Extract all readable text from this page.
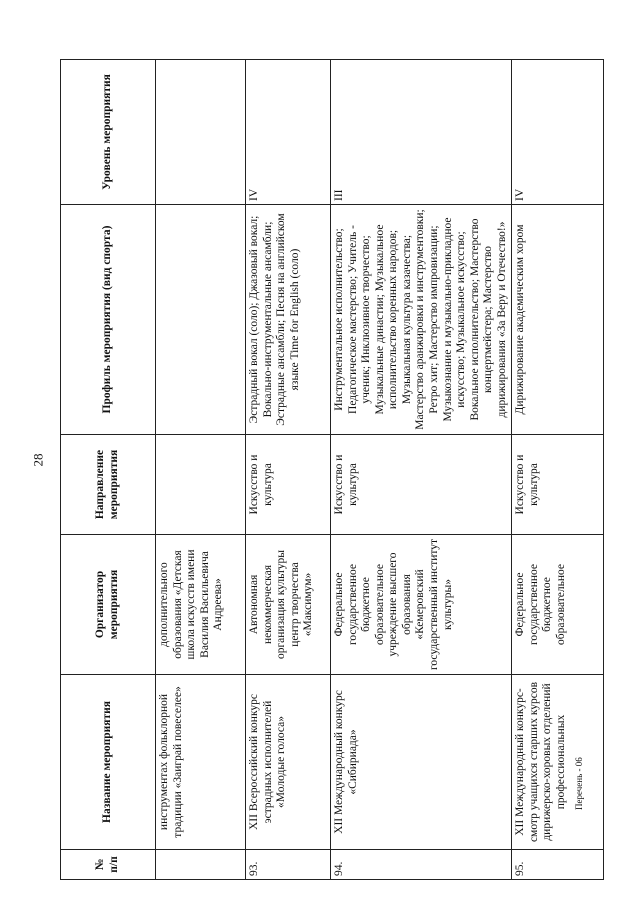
28
№ п/п	Название мероприятия	Организатор мероприятия	Направление мероприятия	Профиль мероприятия (вид спорта)	Уровень мероприятия
	инструментах фольклорной традиции «Заиграй повеселее»	дополнительного образования «Детская школа искусств имени Василия Васильевича Андреева»			
93.	XII Всероссийский конкурс эстрадных исполнителей «Молодые голоса»	Автономная некоммерческая организация культуры центр творчества «Максимум»	Искусство и культура	Эстрадный вокал (соло); Джазовый вокал; Вокально-инструментальные ансамбли; Эстрадные ансамбли; Песня на английском языке Time for English (соло)	IV
94.	XII Международный конкурс «Сибириада»	Федеральное государственное бюджетное образовательное учреждение высшего образования «Кемеровский государственный институт культуры»	Искусство и культура	Инструментальное исполнительство; Педагогическое мастерство; Учитель - ученик; Инклюзивное творчество; Музыкальные династии; Музыкальное исполнительство коренных народов; Музыкальная культура казачества; Мастерство аранжировки и инструментовки; Ретро хит; Мастерство импровизации; Музыкознание и музыкально-прикладное искусство; Музыкальное искусство; Вокальное исполнительство; Мастерство концертмейстера; Мастерство дирижирования «За Веру и Отечество!»	III
95.	XII Международный конкурс-смотр учащихся старших курсов дирижерско-хоровых отделений профессиональных	Федеральное государственное бюджетное образовательное	Искусство и культура	Дирижирование академическим хором	IV
Перечень - 06
